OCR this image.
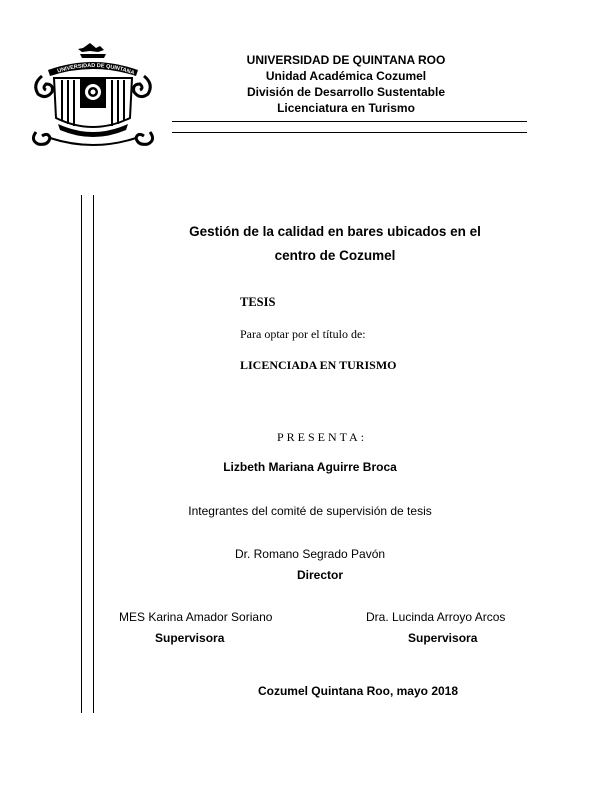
UNIVERSIDAD DE QUINTANA
UNIVERSIDAD DE QUINTANA ROO
Unidad Académica Cozumel
División de Desarrollo Sustentable
Licenciatura en Turismo
Gestión de la calidad en bares ubicados en el
centro de Cozumel
TESIS
Para optar por el título de:
LICENCIADA EN TURISMO
PRESENTA:
Lizbeth Mariana Aguirre Broca
Integrantes del comité de supervisión de tesis
Dr. Romano Segrado Pavón
Director
MES Karina Amador Soriano
Supervisora
Dra. Lucinda Arroyo Arcos
Supervisora
Cozumel Quintana Roo, mayo 2018
